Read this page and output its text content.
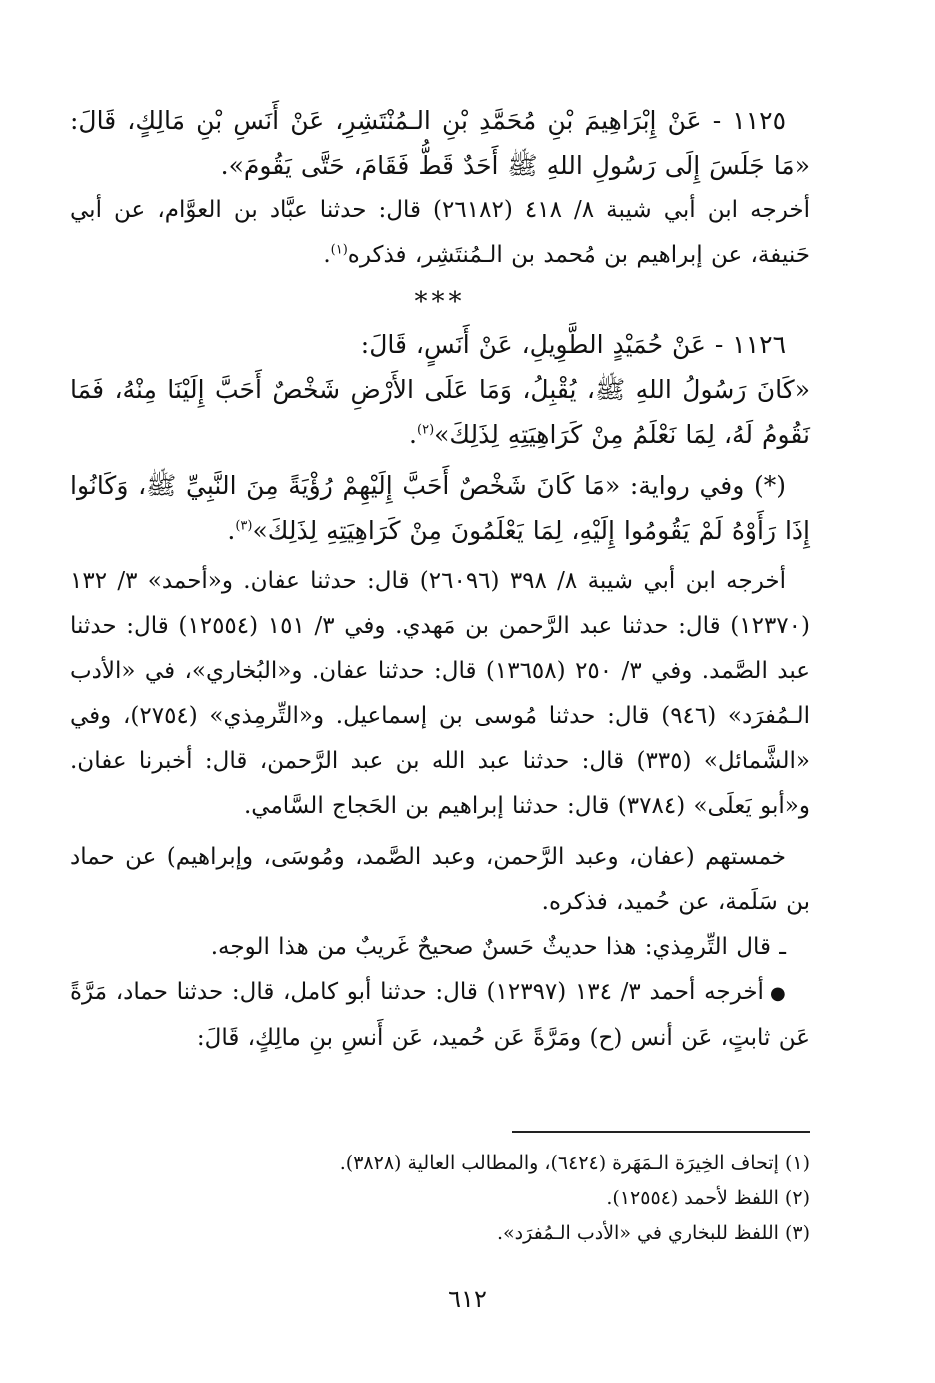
١١٢٥ - عَنْ إِبْرَاهِيمَ بْنِ مُحَمَّدِ بْنِ الـمُنْتَشِرِ، عَنْ أَنَسِ بْنِ مَالِكٍ، قَالَ: «مَا جَلَسَ إِلَى رَسُولِ اللهِ ﷺ أَحَدٌ قَطُّ فَقَامَ، حَتَّى يَقُومَ».

أخرجه ابن أبي شيبة ٨/ ٤١٨ (٢٦١٨٢) قال: حدثنا عبَّاد بن العوَّام، عن أبي حَنيفة، عن إبراهيم بن مُحمد بن الـمُنتَشِر، فذكره$^{(١)}$.

***

١١٢٦ - عَنْ حُمَيْدٍ الطَّوِيلِ، عَنْ أَنَسٍ، قَالَ:

«كَانَ رَسُولُ اللهِ ﷺ، يُقْبِلُ، وَمَا عَلَى الأَرْضِ شَخْصٌ أَحَبَّ إِلَيْنَا مِنْهُ، فَمَا نَقُومُ لَهُ، لِمَا نَعْلَمُ مِنْ كَرَاهِيَتِهِ لِذَلِكَ»$^{(٢)}$.

(*) وفي رواية: «مَا كَانَ شَخْصٌ أَحَبَّ إِلَيْهِمْ رُؤْيَةً مِنَ النَّبِيِّ ﷺ، وَكَانُوا إِذَا رَأَوْهُ لَمْ يَقُومُوا إِلَيْهِ، لِمَا يَعْلَمُونَ مِنْ كَرَاهِيَتِهِ لِذَلِكَ»$^{(٣)}$.

أخرجه ابن أبي شيبة ٨/ ٣٩٨ (٢٦٠٩٦) قال: حدثنا عفان. و«أحمد» ٣/ ١٣٢ (١٢٣٧٠) قال: حدثنا عبد الرَّحمن بن مَهدي. وفي ٣/ ١٥١ (١٢٥٥٤) قال: حدثنا عبد الصَّمد. وفي ٣/ ٢٥٠ (١٣٦٥٨) قال: حدثنا عفان. و«البُخاري»، في «الأدب الـمُفرَد» (٩٤٦) قال: حدثنا مُوسى بن إسماعيل. و«التِّرمِذي» (٢٧٥٤)، وفي «الشَّمائل» (٣٣٥) قال: حدثنا عبد الله بن عبد الرَّحمن، قال: أخبرنا عفان. و«أبو يَعلَى» (٣٧٨٤) قال: حدثنا إبراهيم بن الحَجاج السَّامي.

خمستهم (عفان، وعبد الرَّحمن، وعبد الصَّمد، ومُوسَى، وإبراهيم) عن حماد بن سَلَمة، عن حُميد، فذكره.

ـ قال التِّرمِذي: هذا حديثٌ حَسنٌ صحيحٌ غَريبٌ من هذا الوجه.

●أخرجه أحمد ٣/ ١٣٤ (١٢٣٩٧) قال: حدثنا أبو كامل، قال: حدثنا حماد، مَرَّةً عَن ثابتٍ، عَن أنس (ح) ومَرَّةً عَن حُميد، عَن أَنسِ بنِ مالِكٍ، قَالَ:

(١) إتحاف الخِيرَة الـمَهَرة (٦٤٢٤)، والمطالب العالية (٣٨٢٨).

(٢) اللفظ لأحمد (١٢٥٥٤).

(٣) اللفظ للبخاري في «الأدب الـمُفرَد».

٦١٢
